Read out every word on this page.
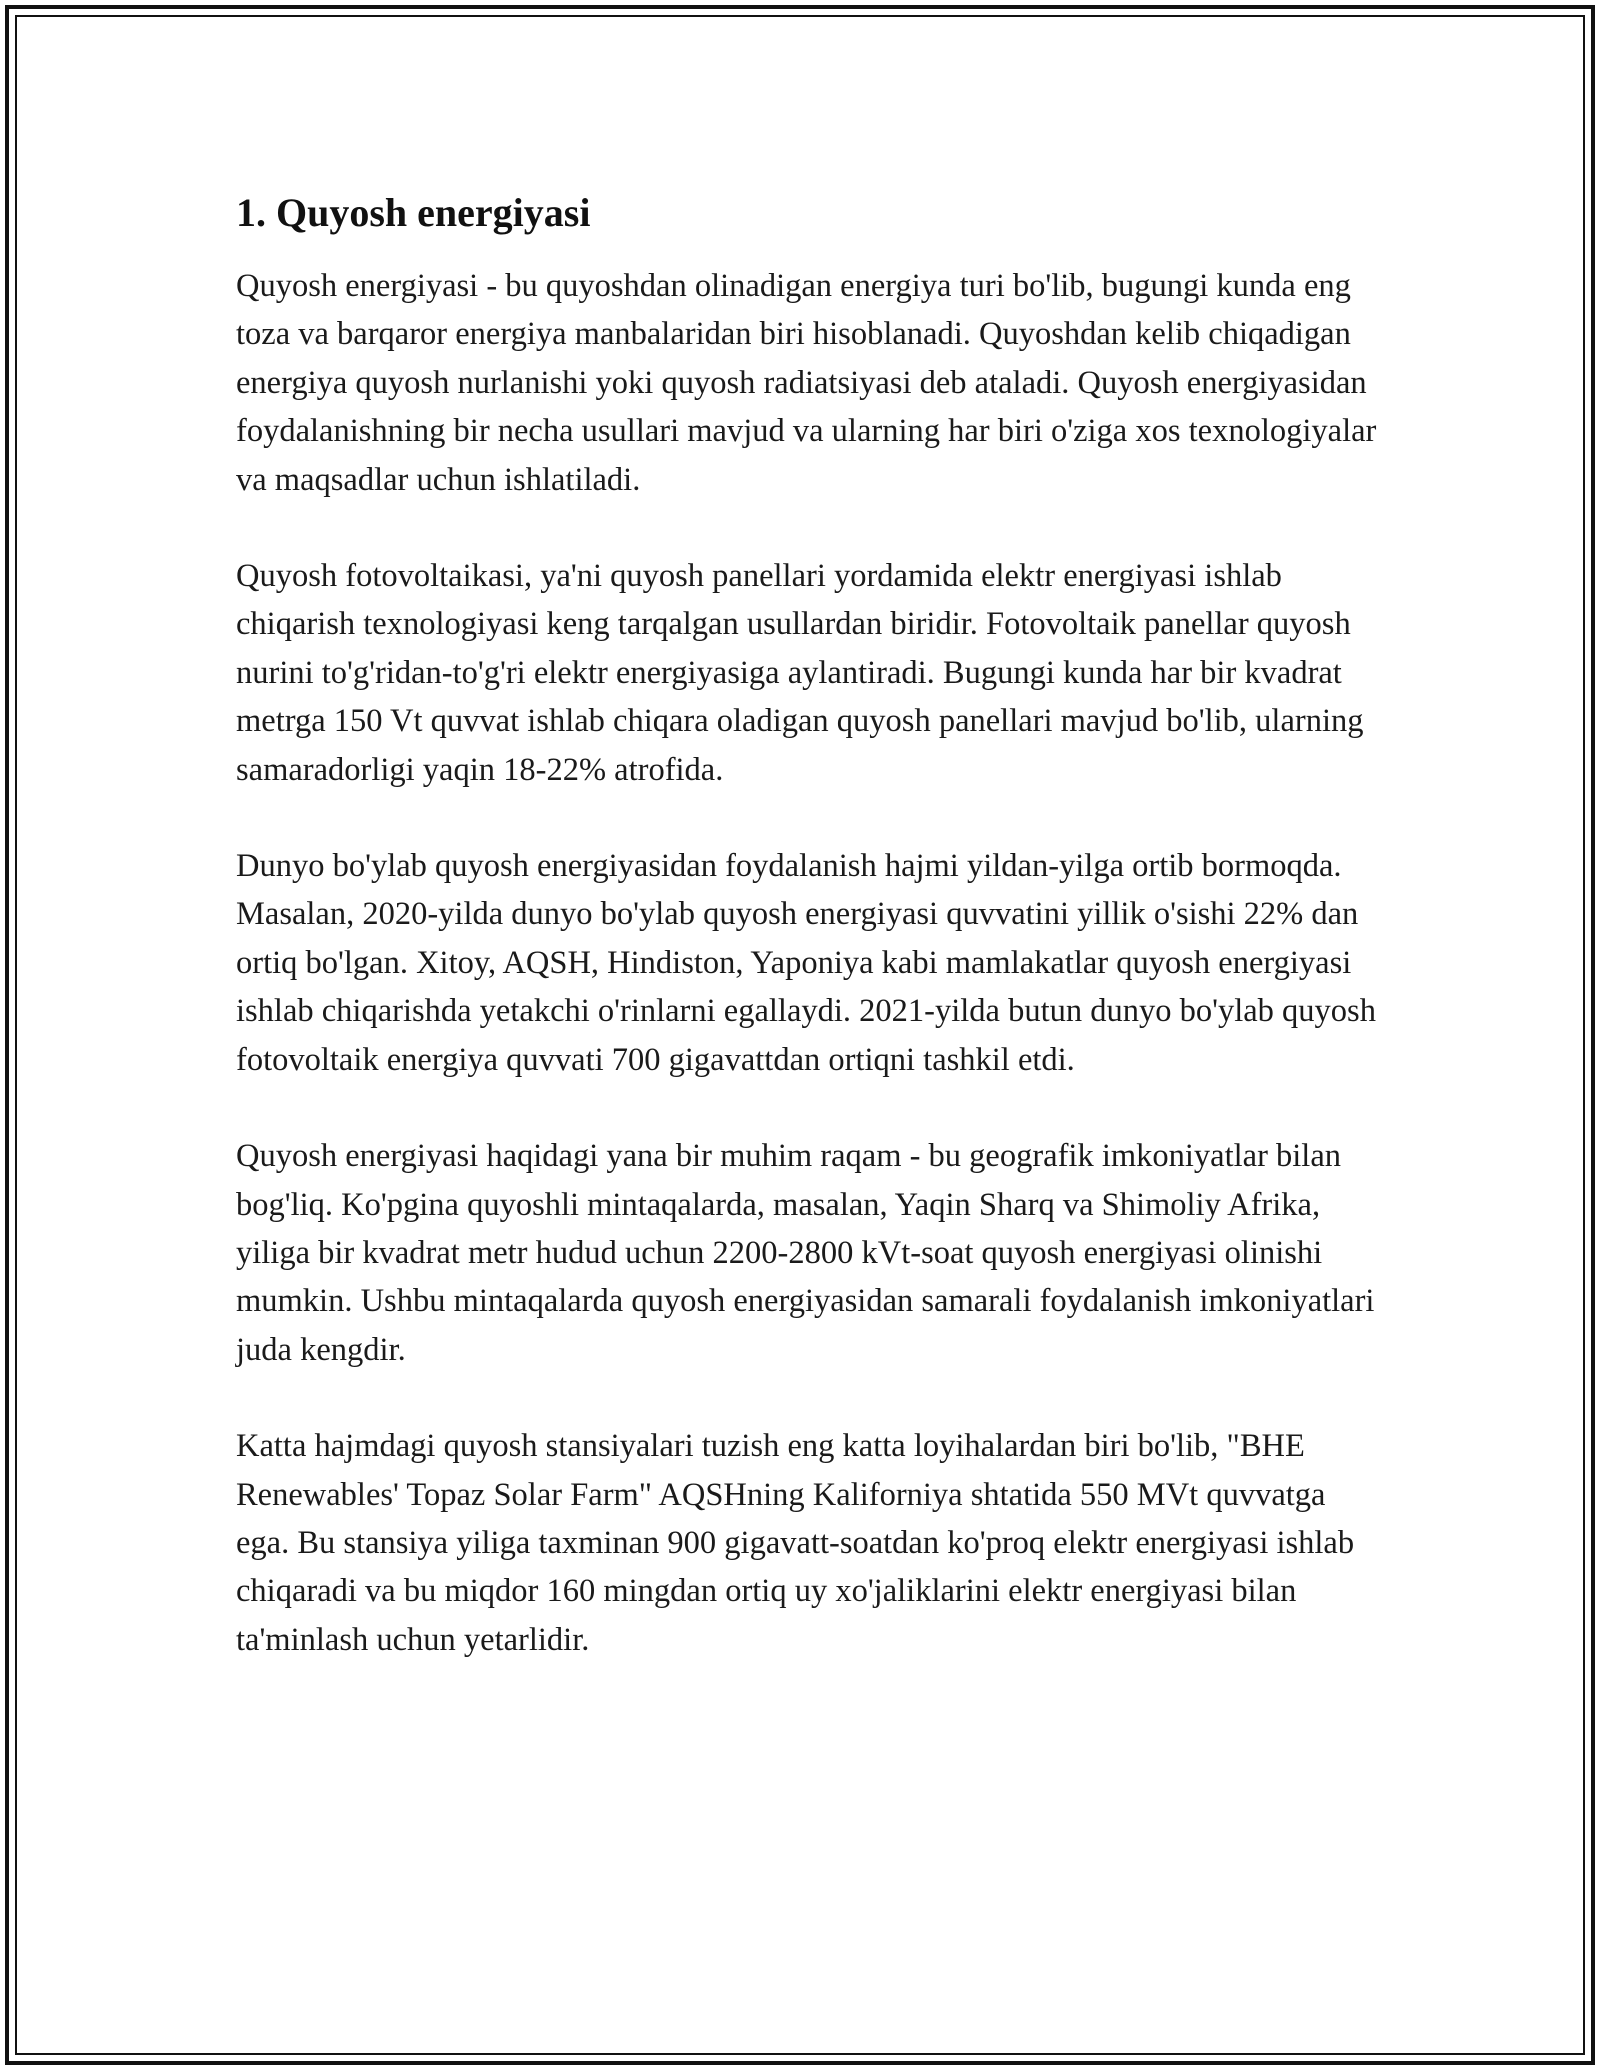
1. Quyosh energiyasi

Quyosh energiyasi - bu quyoshdan olinadigan energiya turi bo'lib, bugungi kunda eng toza va barqaror energiya manbalaridan biri hisoblanadi. Quyoshdan kelib chiqadigan energiya quyosh nurlanishi yoki quyosh radiatsiyasi deb ataladi. Quyosh energiyasidan foydalanishning bir necha usullari mavjud va ularning har biri o'ziga xos texnologiyalar va maqsadlar uchun ishlatiladi.

Quyosh fotovoltaikasi, ya'ni quyosh panellari yordamida elektr energiyasi ishlab chiqarish texnologiyasi keng tarqalgan usullardan biridir. Fotovoltaik panellar quyosh nurini to'g'ridan-to'g'ri elektr energiyasiga aylantiradi. Bugungi kunda har bir kvadrat metrga 150 Vt quvvat ishlab chiqara oladigan quyosh panellari mavjud bo'lib, ularning samaradorligi yaqin 18-22% atrofida.

Dunyo bo'ylab quyosh energiyasidan foydalanish hajmi yildan-yilga ortib bormoqda. Masalan, 2020-yilda dunyo bo'ylab quyosh energiyasi quvvatini yillik o'sishi 22% dan ortiq bo'lgan. Xitoy, AQSH, Hindiston, Yaponiya kabi mamlakatlar quyosh energiyasi ishlab chiqarishda yetakchi o'rinlarni egallaydi. 2021-yilda butun dunyo bo'ylab quyosh fotovoltaik energiya quvvati 700 gigavattdan ortiqni tashkil etdi.

Quyosh energiyasi haqidagi yana bir muhim raqam - bu geografik imkoniyatlar bilan bog'liq. Ko'pgina quyoshli mintaqalarda, masalan, Yaqin Sharq va Shimoliy Afrika, yiliga bir kvadrat metr hudud uchun 2200-2800 kVt-soat quyosh energiyasi olinishi mumkin. Ushbu mintaqalarda quyosh energiyasidan samarali foydalanish imkoniyatlari juda kengdir.

Katta hajmdagi quyosh stansiyalari tuzish eng katta loyihalardan biri bo'lib, "BHE Renewables' Topaz Solar Farm" AQSHning Kaliforniya shtatida 550 MVt quvvatga ega. Bu stansiya yiliga taxminan 900 gigavatt-soatdan ko'proq elektr energiyasi ishlab chiqaradi va bu miqdor 160 mingdan ortiq uy xo'jaliklarini elektr energiyasi bilan ta'minlash uchun yetarlidir.
